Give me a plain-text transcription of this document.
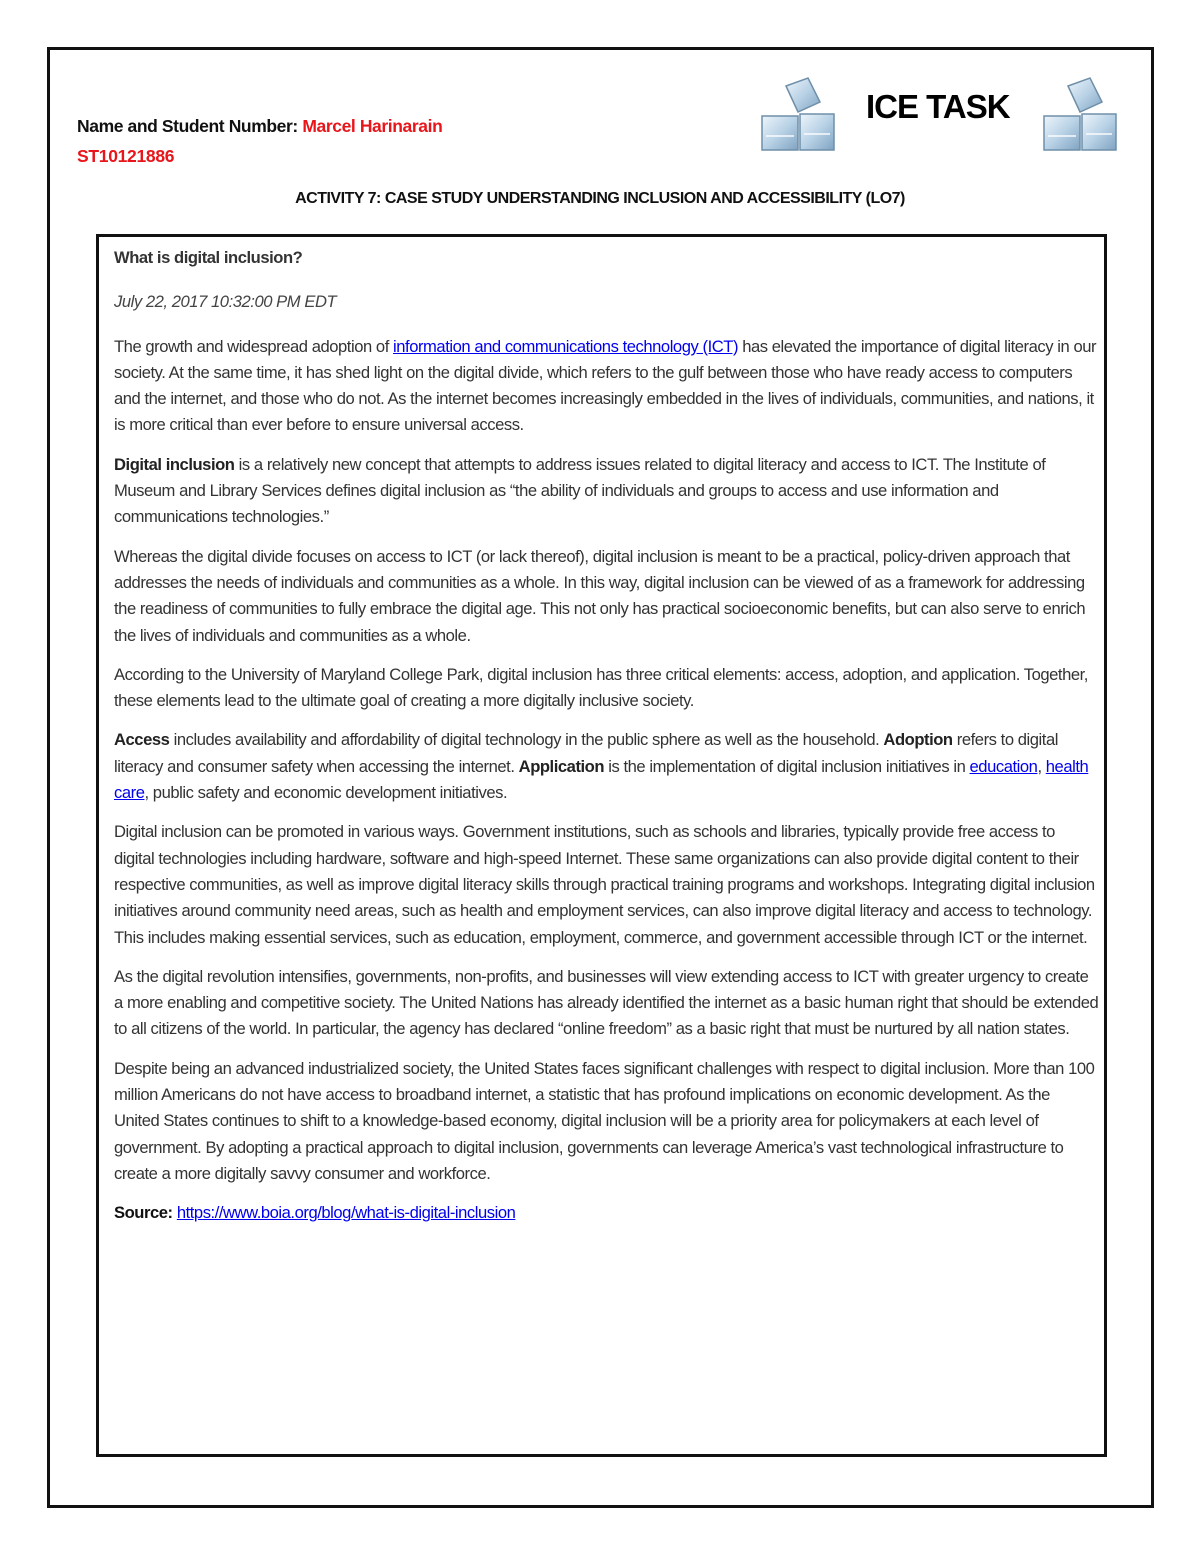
Name and Student Number: Marcel Harinarain
ST10121886
ICE TASK
ACTIVITY 7: CASE STUDY UNDERSTANDING INCLUSION AND ACCESSIBILITY (LO7)

What is digital inclusion?

July 22, 2017 10:32:00 PM EDT

The growth and widespread adoption of information and communications technology (ICT) has elevated the importance of digital literacy in our society. At the same time, it has shed light on the digital divide, which refers to the gulf between those who have ready access to computers and the internet, and those who do not. As the internet becomes increasingly embedded in the lives of individuals, communities, and nations, it is more critical than ever before to ensure universal access.

Digital inclusion is a relatively new concept that attempts to address issues related to digital literacy and access to ICT. The Institute of Museum and Library Services defines digital inclusion as “the ability of individuals and groups to access and use information and communications technologies.”

Whereas the digital divide focuses on access to ICT (or lack thereof), digital inclusion is meant to be a practical, policy-driven approach that addresses the needs of individuals and communities as a whole. In this way, digital inclusion can be viewed of as a framework for addressing the readiness of communities to fully embrace the digital age. This not only has practical socioeconomic benefits, but can also serve to enrich the lives of individuals and communities as a whole.

According to the University of Maryland College Park, digital inclusion has three critical elements: access, adoption, and application. Together, these elements lead to the ultimate goal of creating a more digitally inclusive society.

Access includes availability and affordability of digital technology in the public sphere as well as the household. Adoption refers to digital literacy and consumer safety when accessing the internet. Application is the implementation of digital inclusion initiatives in education, health care, public safety and economic development initiatives.

Digital inclusion can be promoted in various ways. Government institutions, such as schools and libraries, typically provide free access to digital technologies including hardware, software and high-speed Internet. These same organizations can also provide digital content to their respective communities, as well as improve digital literacy skills through practical training programs and workshops. Integrating digital inclusion initiatives around community need areas, such as health and employment services, can also improve digital literacy and access to technology. This includes making essential services, such as education, employment, commerce, and government accessible through ICT or the internet.

As the digital revolution intensifies, governments, non-profits, and businesses will view extending access to ICT with greater urgency to create a more enabling and competitive society. The United Nations has already identified the internet as a basic human right that should be extended to all citizens of the world. In particular, the agency has declared “online freedom” as a basic right that must be nurtured by all nation states.

Despite being an advanced industrialized society, the United States faces significant challenges with respect to digital inclusion. More than 100 million Americans do not have access to broadband internet, a statistic that has profound implications on economic development. As the United States continues to shift to a knowledge-based economy, digital inclusion will be a priority area for policymakers at each level of government. By adopting a practical approach to digital inclusion, governments can leverage America’s vast technological infrastructure to create a more digitally savvy consumer and workforce.

Source: https://www.boia.org/blog/what-is-digital-inclusion
